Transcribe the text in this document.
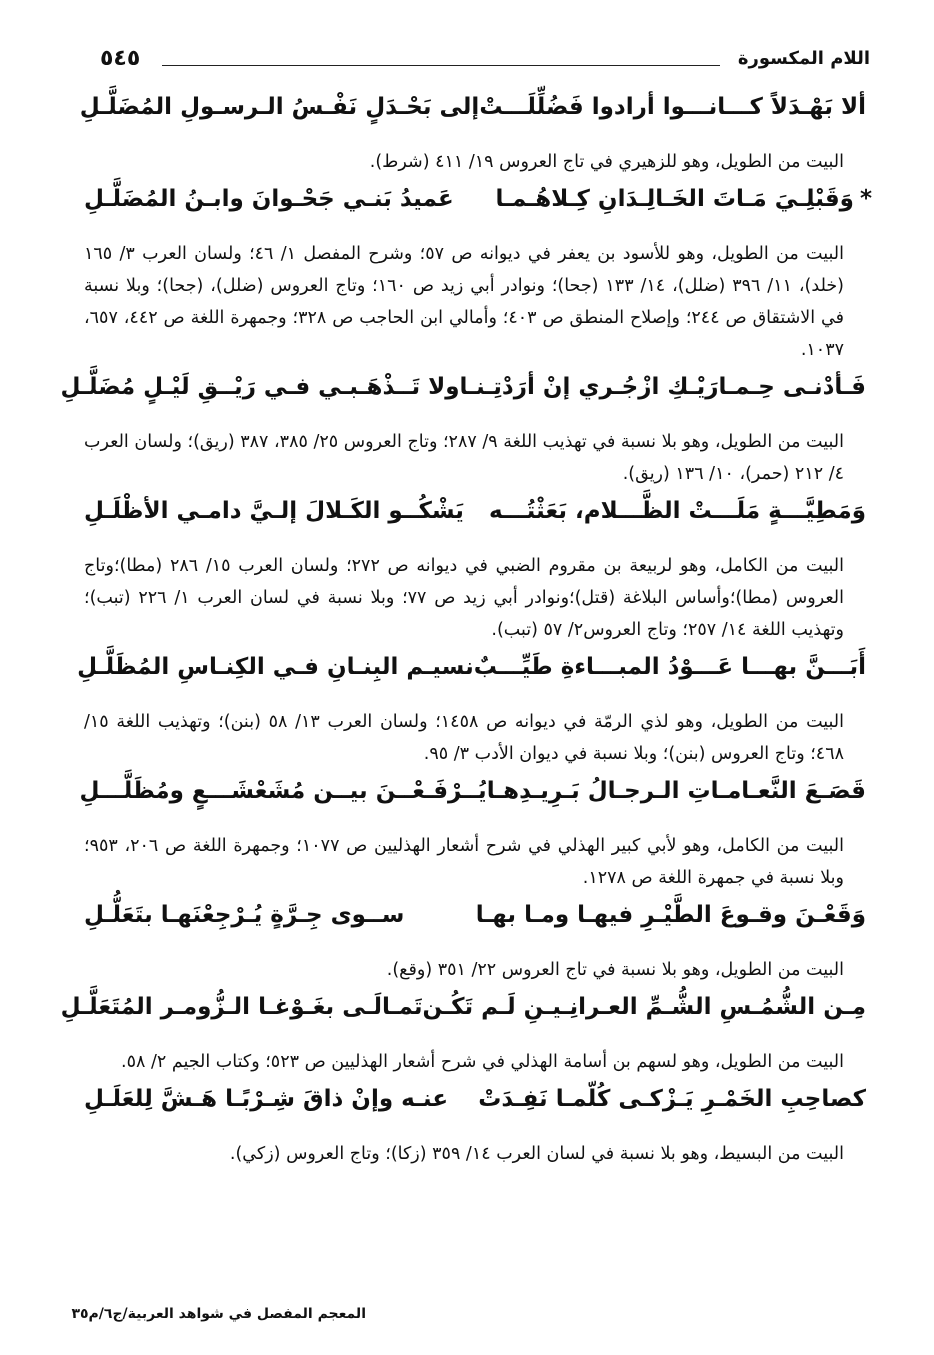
اللام المكسورة
٥٤٥
ألا بَهْـدَلاً كـــانـــوا أرادوا فَضُلِّلَـــتْ
إلى بَحْـدَلٍ نَفْـسُ الـرسـولِ المُضَلَّـلِ
البيت من الطويل، وهو للزهيري في تاج العروس ١٩/ ٤١١ (شرط).
*وَقَبْلِـيَ مَـاتَ الخَـالِـدَانِ كِـلاهُـمـا
عَميدُ بَنـي جَحْـوانَ وابـنُ المُضَلَّـلِ
البيت من الطويل، وهو للأسود بن يعفر في ديوانه ص ٥٧؛ وشرح المفصل ١/ ٤٦؛ ولسان العرب ٣/ ١٦٥ (خلد)، ١١/ ٣٩٦ (ضلل)، ١٤/ ١٣٣ (جحا)؛ ونوادر أبي زيد ص ١٦٠؛ وتاج العروس (ضلل)، (جحا)؛ وبلا نسبة في الاشتقاق ص ٢٤٤؛ وإصلاح المنطق ص ٤٠٣؛ وأمالي ابن الحاجب ص ٣٢٨؛ وجمهرة اللغة ص ٤٤٢، ٦٥٧، ١٠٣٧.
فَـأدْنـى حِـمـارَيْـكِ ازْجُـري إنْ أرَدْتِـنـا
ولا تَــذْهَـبـي فـي رَيْــقِ لَيْـلٍ مُضَلَّـلِ
البيت من الطويل، وهو بلا نسبة في تهذيب اللغة ٩/ ٢٨٧؛ وتاج العروس ٢٥/ ٣٨٥، ٣٨٧ (ريق)؛ ولسان العرب ٤/ ٢١٢ (حمر)، ١٠/ ١٣٦ (ريق).
وَمَطِيَّـــةٍ مَلَـــتْ الظَّـــلام، بَعَثْتُـــه
يَشْكُــو الكَـلالَ إلـيَّ دامـي الأظْلَـلِ
البيت من الكامل، وهو لربيعة بن مقروم الضبي في ديوانه ص ٢٧٢؛ ولسان العرب ١٥/ ٢٨٦ (مطا)؛وتاج العروس (مطا)؛وأساس البلاغة (قتل)؛ونوادر أبي زيد ص ٧٧؛ وبلا نسبة في لسان العرب ١/ ٢٢٦ (تبب)؛ وتهذيب اللغة ١٤/ ٢٥٧؛ وتاج العروس٢/ ٥٧ (تبب).
أَبَـــنَّ بهـــا عَـــوْدُ المبـــاءةِ طَيِّـــبٌ
نسيـم البِنـانِ فـي الكِنـاسِ المُظَلَّـلِ
البيت من الطويل، وهو لذي الرمّة في ديوانه ص ١٤٥٨؛ ولسان العرب ١٣/ ٥٨ (بنن)؛ وتهذيب اللغة ١٥/ ٤٦٨؛ وتاج العروس (بنن)؛ وبلا نسبة في ديوان الأدب ٣/ ٩٥.
قَصَـعَ النَّعـامـاتِ الـرجـالُ بَـرِيـدِهـا
يُــرْفَـعْــنَ بيــن مُشَعْشَـــعٍ ومُظَلَّـــلِ
البيت من الكامل، وهو لأبي كبير الهذلي في شرح أشعار الهذليين ص ١٠٧٧؛ وجمهرة اللغة ص ٢٠٦، ٩٥٣؛ وبلا نسبة في جمهرة اللغة ص ١٢٧٨.
وَقَعْـنَ وقـوعَ الطَّيْـرِ فيهـا ومـا بهـا
ســوى جِـرَّةٍ يُـرْجِعْنَهـا بتَعَلُّـلِ
البيت من الطويل، وهو بلا نسبة في تاج العروس ٢٢/ ٣٥١ (وقع).
مِـن الشُّمُـسِ الشُّـمِّ العـرانِـيـنِ لَـم تَكُـن
تَمـالَـى بغَـوْغـا الـزُّومـر المُتَعَلَّـلِ
البيت من الطويل، وهو لسهم بن أسامة الهذلي في شرح أشعار الهذليين ص ٥٢٣؛ وكتاب الجيم ٢/ ٥٨.
كصاحِبِ الخَمْـرِ يَـزْكـى كُلّمـا نَفِـدَتْ
عنـه وإنْ ذاقَ شِـرْبًـا هَـشَّ لِلعَلَـلِ
البيت من البسيط، وهو بلا نسبة في لسان العرب ١٤/ ٣٥٩ (زكا)؛ وتاج العروس (زكي).
المعجم المفصل في شواهد العربية/ج٦/م٣٥
